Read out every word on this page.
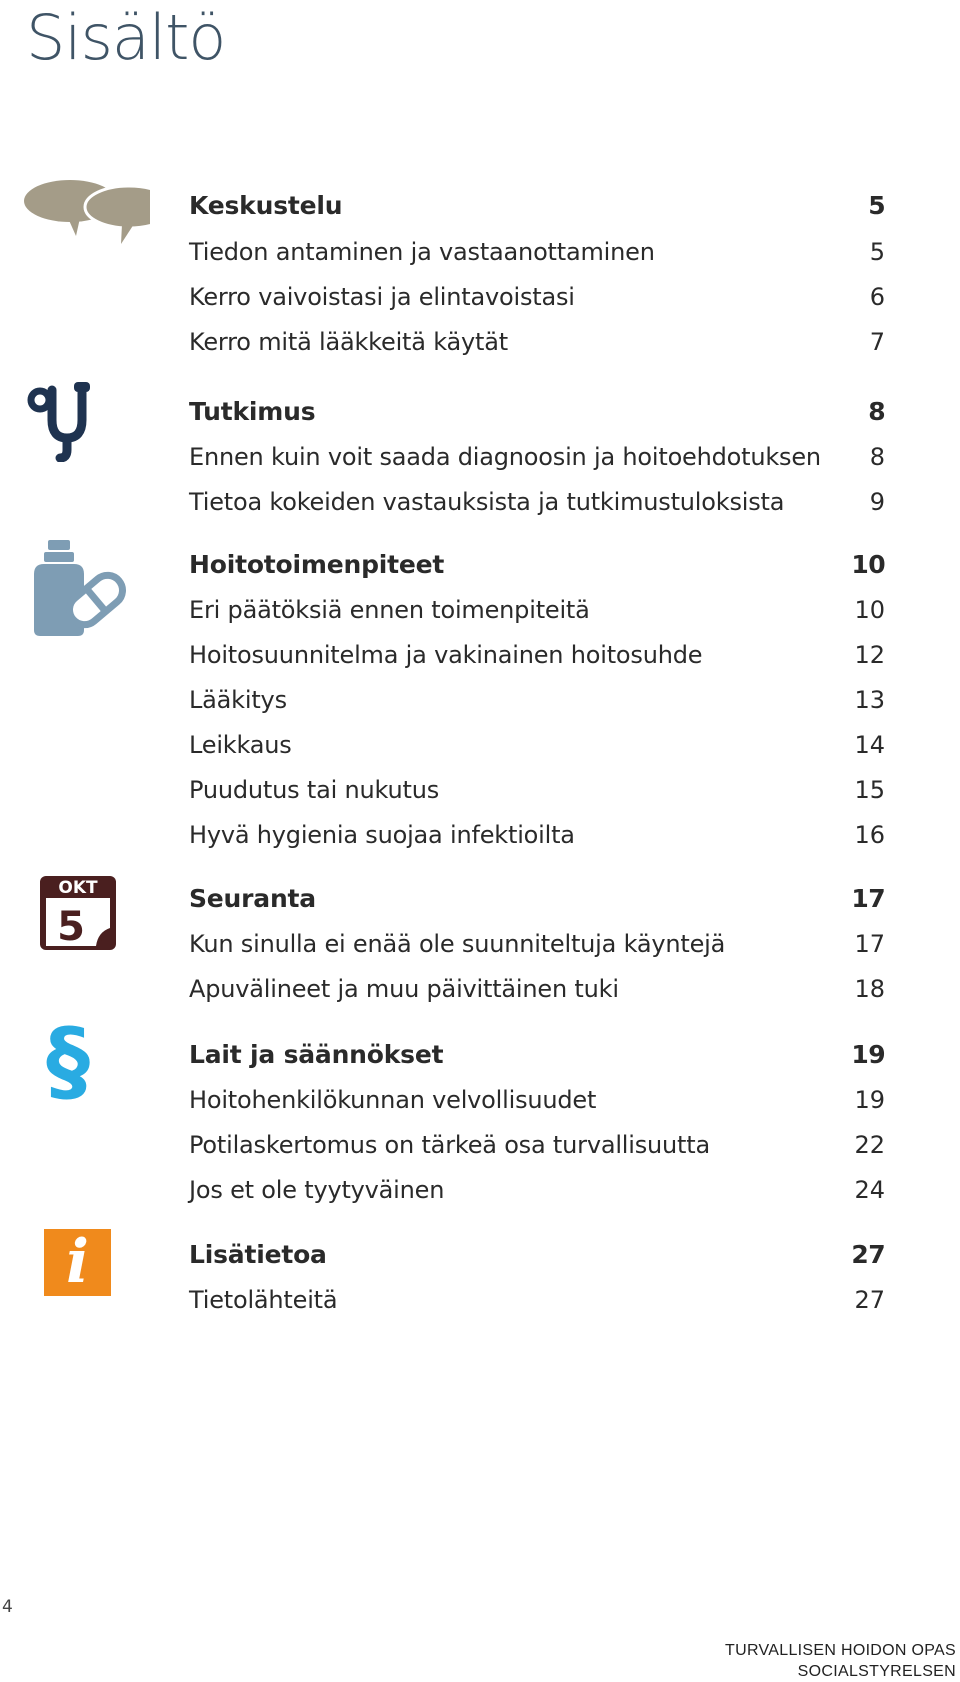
Sisältö
Keskustelu	5
Tiedon antaminen ja vastaanottaminen	5
Kerro vaivoistasi ja elintavoistasi	6
Kerro mitä lääkkeitä käytät	7
Tutkimus	8
Ennen kuin voit saada diagnoosin ja hoitoehdotuksen 8
Tietoa kokeiden vastauksista ja tutkimustuloksista	9
Hoitotoimenpiteet	10
Eri päätöksiä ennen toimenpiteitä	10
Hoitosuunnitelma ja vakinainen hoitosuhde	12
Lääkitys	13
Leikkaus	14
Puudutus tai nukutus	15
Hyvä hygienia suojaa infektioilta	16
OKT
5
Seuranta	17
Kun sinulla ei enää ole suunniteltuja käyntejä	17
Apuvälineet ja muu päivittäinen tuki	18
§	Lait ja säännökset	19
Hoitohenkilökunnan velvollisuudet	19
Potilaskertomus on tärkeä osa turvallisuutta	22
Jos et ole tyytyväinen	24
i	Lisätietoa	27
Tietolähteitä	27
4
TURVALLISEN HOIDON OPAS
SOCIALSTYRELSEN
